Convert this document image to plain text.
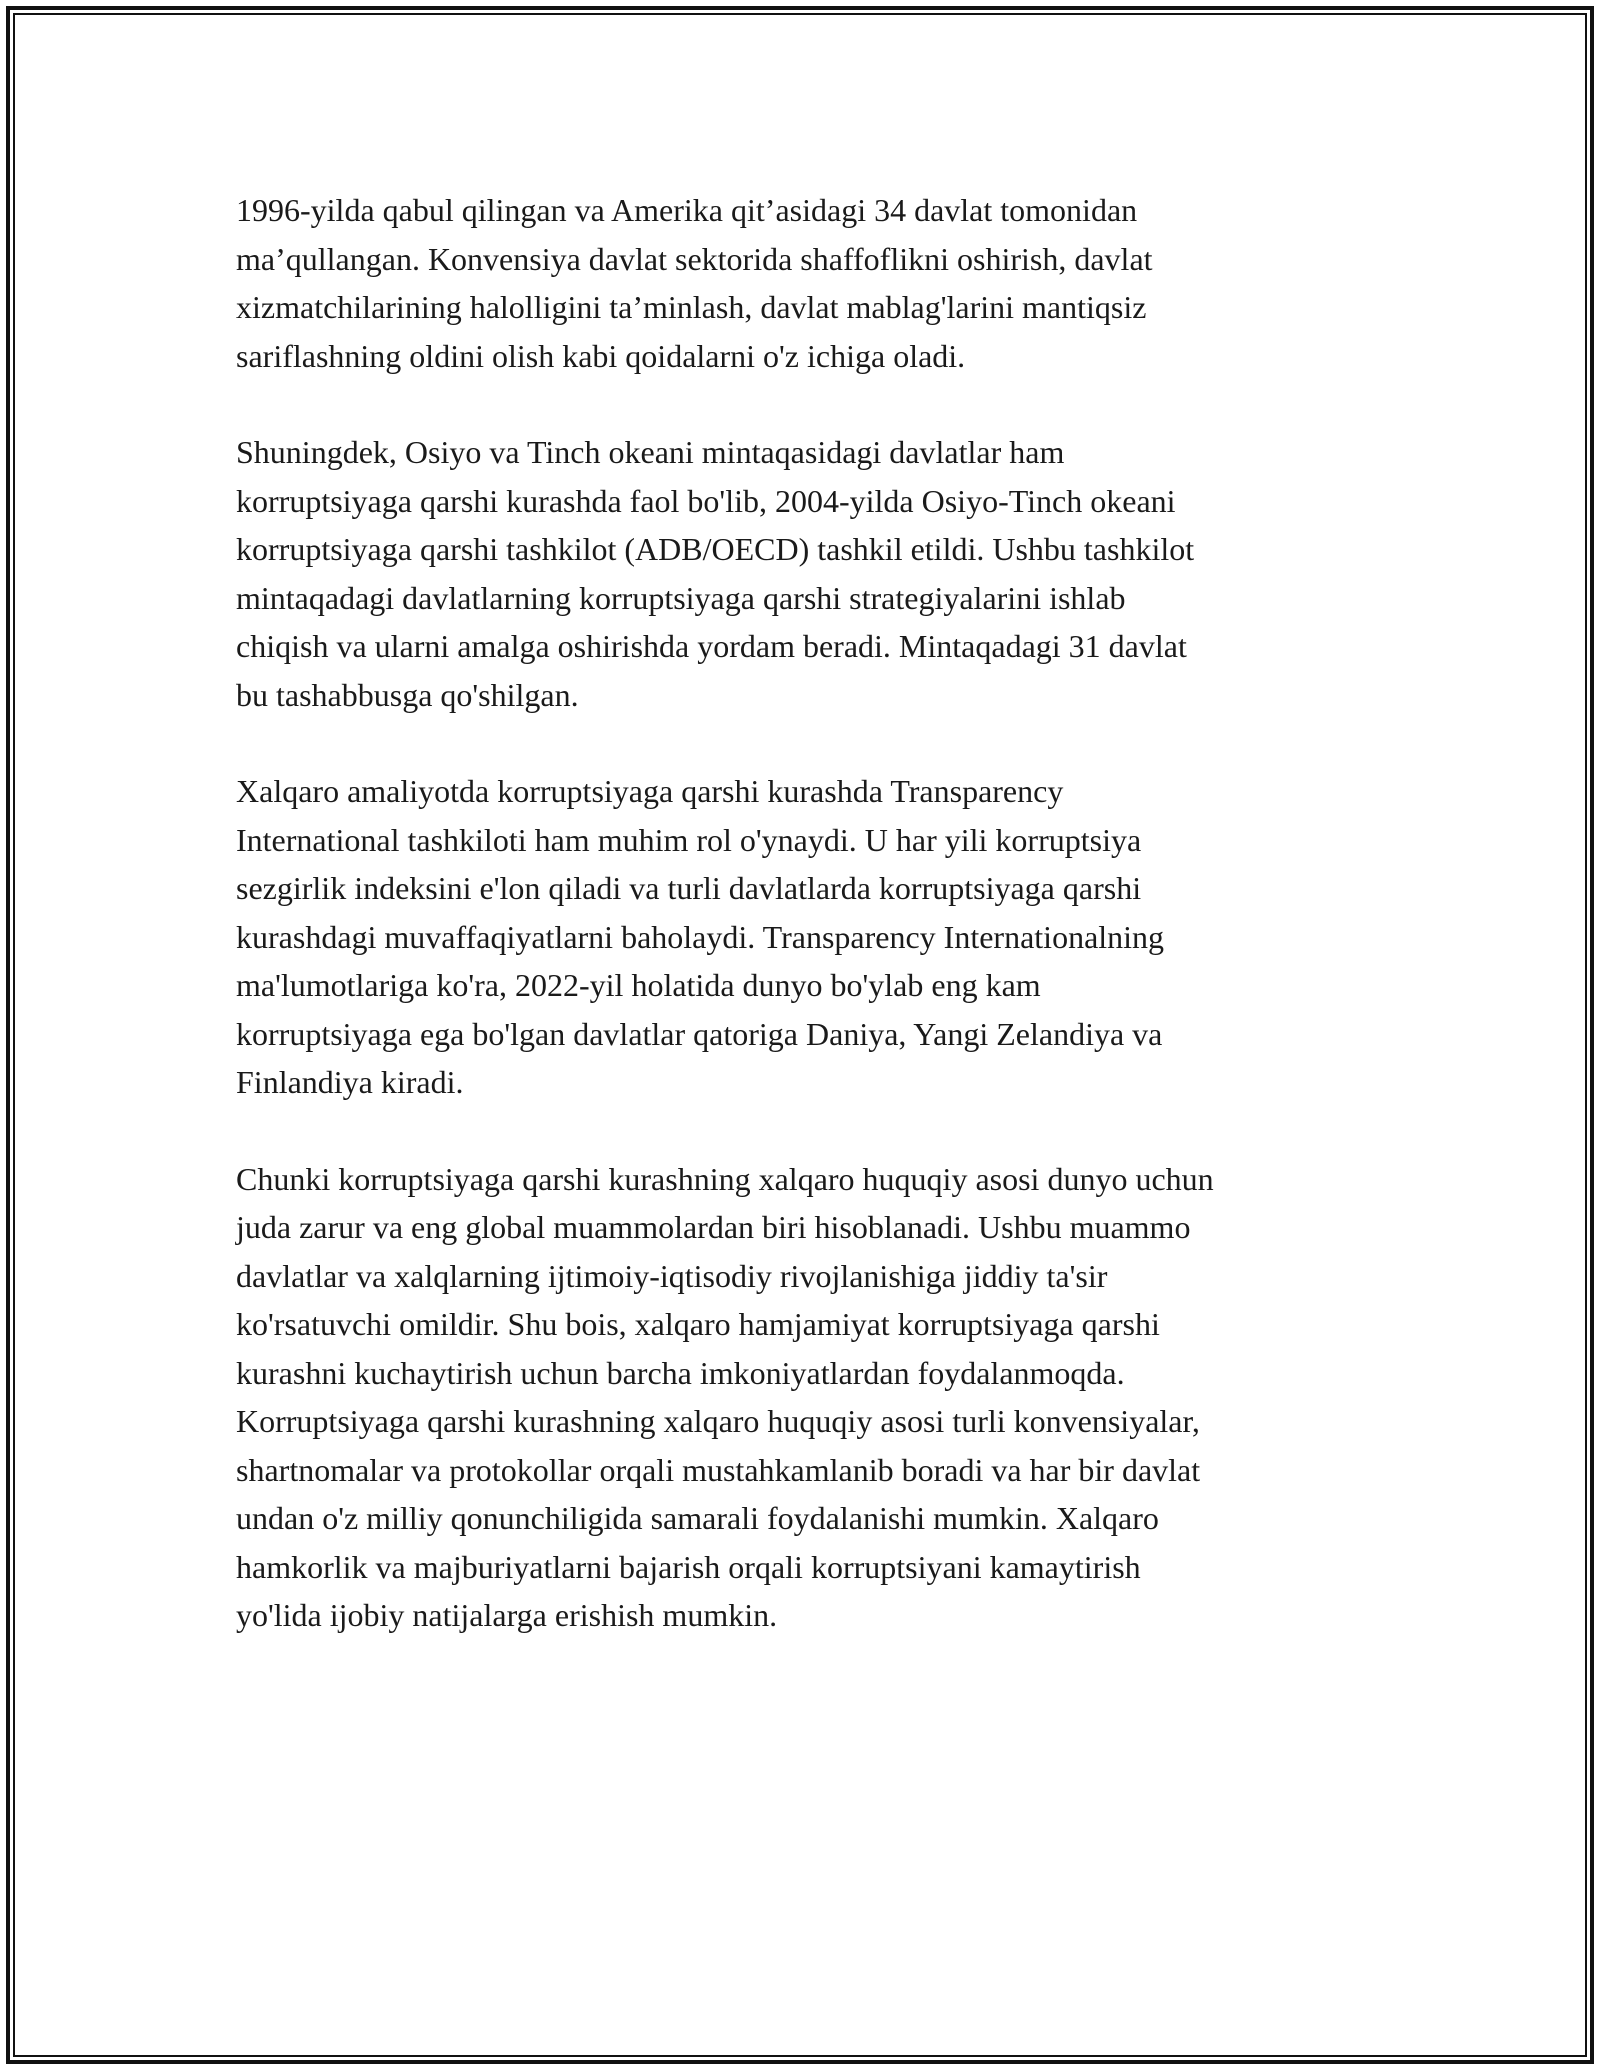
1996-yilda qabul qilingan va Amerika qit’asidagi 34 davlat tomonidan
ma’qullangan. Konvensiya davlat sektorida shaffoflikni oshirish, davlat
xizmatchilarining halolligini ta’minlash, davlat mablag'larini mantiqsiz
sariflashning oldini olish kabi qoidalarni o'z ichiga oladi.

Shuningdek, Osiyo va Tinch okeani mintaqasidagi davlatlar ham
korruptsiyaga qarshi kurashda faol bo'lib, 2004-yilda Osiyo-Tinch okeani
korruptsiyaga qarshi tashkilot (ADB/OECD) tashkil etildi. Ushbu tashkilot
mintaqadagi davlatlarning korruptsiyaga qarshi strategiyalarini ishlab
chiqish va ularni amalga oshirishda yordam beradi. Mintaqadagi 31 davlat
bu tashabbusga qo'shilgan.

Xalqaro amaliyotda korruptsiyaga qarshi kurashda Transparency
International tashkiloti ham muhim rol o'ynaydi. U har yili korruptsiya
sezgirlik indeksini e'lon qiladi va turli davlatlarda korruptsiyaga qarshi
kurashdagi muvaffaqiyatlarni baholaydi. Transparency Internationalning
ma'lumotlariga ko'ra, 2022-yil holatida dunyo bo'ylab eng kam
korruptsiyaga ega bo'lgan davlatlar qatoriga Daniya, Yangi Zelandiya va
Finlandiya kiradi.

Chunki korruptsiyaga qarshi kurashning xalqaro huquqiy asosi dunyo uchun
juda zarur va eng global muammolardan biri hisoblanadi. Ushbu muammo
davlatlar va xalqlarning ijtimoiy-iqtisodiy rivojlanishiga jiddiy ta'sir
ko'rsatuvchi omildir. Shu bois, xalqaro hamjamiyat korruptsiyaga qarshi
kurashni kuchaytirish uchun barcha imkoniyatlardan foydalanmoqda.
Korruptsiyaga qarshi kurashning xalqaro huquqiy asosi turli konvensiyalar,
shartnomalar va protokollar orqali mustahkamlanib boradi va har bir davlat
undan o'z milliy qonunchiligida samarali foydalanishi mumkin. Xalqaro
hamkorlik va majburiyatlarni bajarish orqali korruptsiyani kamaytirish
yo'lida ijobiy natijalarga erishish mumkin.
